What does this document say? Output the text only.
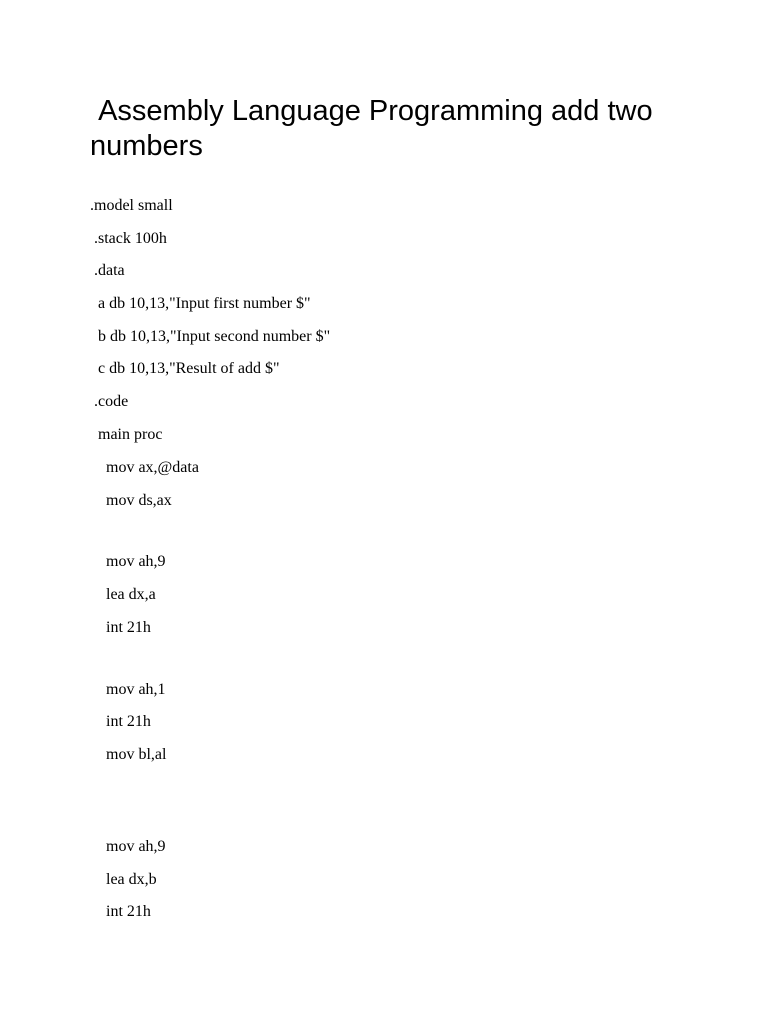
Assembly Language Programming add two numbers

.model small

.stack 100h

.data

a db 10,13,"Input first number $"

b db 10,13,"Input second number $"

c db 10,13,"Result of add $"

.code

main proc

mov ax,@data

mov ds,ax

mov ah,9

lea dx,a

int 21h

mov ah,1

int 21h

mov bl,al

mov ah,9

lea dx,b

int 21h
